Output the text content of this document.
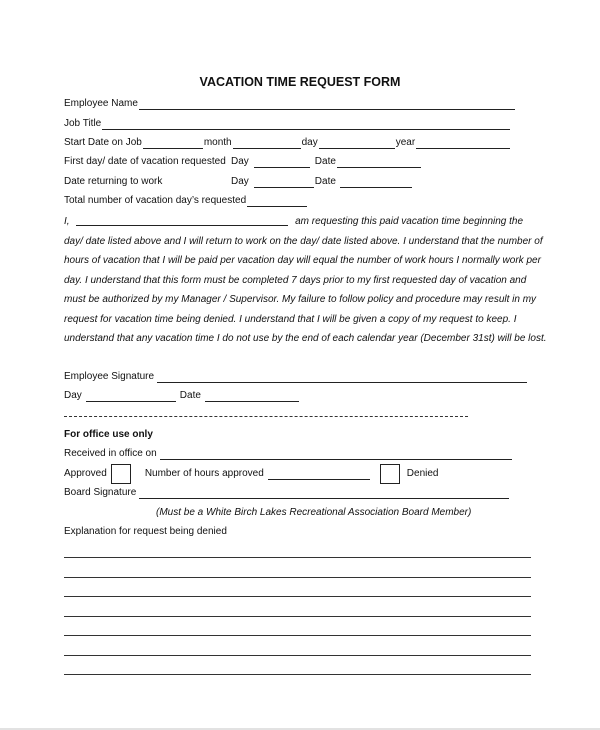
VACATION TIME REQUEST FORM
Employee Name
Job Title
Start Date on Job	month	day	year
First day/ date of vacation requested Day	Date
Date returning to work	Day	Date
Total number of vacation day’s requested
I,	am requesting this paid vacation time beginning the
day/ date listed above and I will return to work on the day/ date listed above. I understand that the number of
hours of vacation that I will be paid per vacation day will equal the number of work hours I normally work per
day. I understand that this form must be completed 7 days prior to my first requested day of vacation and
must be authorized by my Manager / Supervisor. My failure to follow policy and procedure may result in my
request for vacation time being denied. I understand that I will be given a copy of my request to keep. I
understand that any vacation time I do not use by the end of each calendar year (December 31st) will be lost.
Employee Signature
Day	Date
For office use only
Received in office on
Approved	Number of hours approved	Denied
Board Signature
(Must be a White Birch Lakes Recreational Association Board Member)
Explanation for request being denied
